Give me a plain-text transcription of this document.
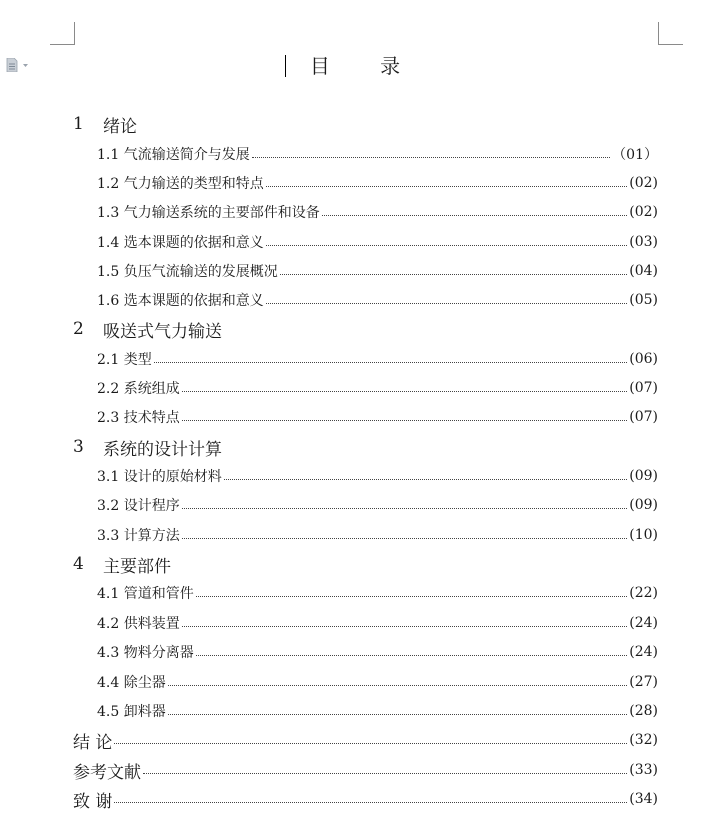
目 录
1	绪论
1.1 气流输送简介与发展	（01）
1.2 气力输送的类型和特点	(02)
1.3 气力输送系统的主要部件和设备	(02)
1.4 选本课题的依据和意义	(03)
1.5 负压气流输送的发展概况	(04)
1.6 选本课题的依据和意义	(05)
2	吸送式气力输送
2.1 类型	(06)
2.2 系统组成	(07)
2.3 技术特点	(07)
3	系统的设计计算
3.1 设计的原始材料	(09)
3.2 设计程序	(09)
3.3 计算方法	(10)
4	主要部件
4.1 管道和管件	(22)
4.2 供料装置	(24)
4.3 物料分离器	(24)
4.4 除尘器	(27)
4.5 卸料器	(28)
结 论	(32)
参考文献	(33)
致 谢	(34)
